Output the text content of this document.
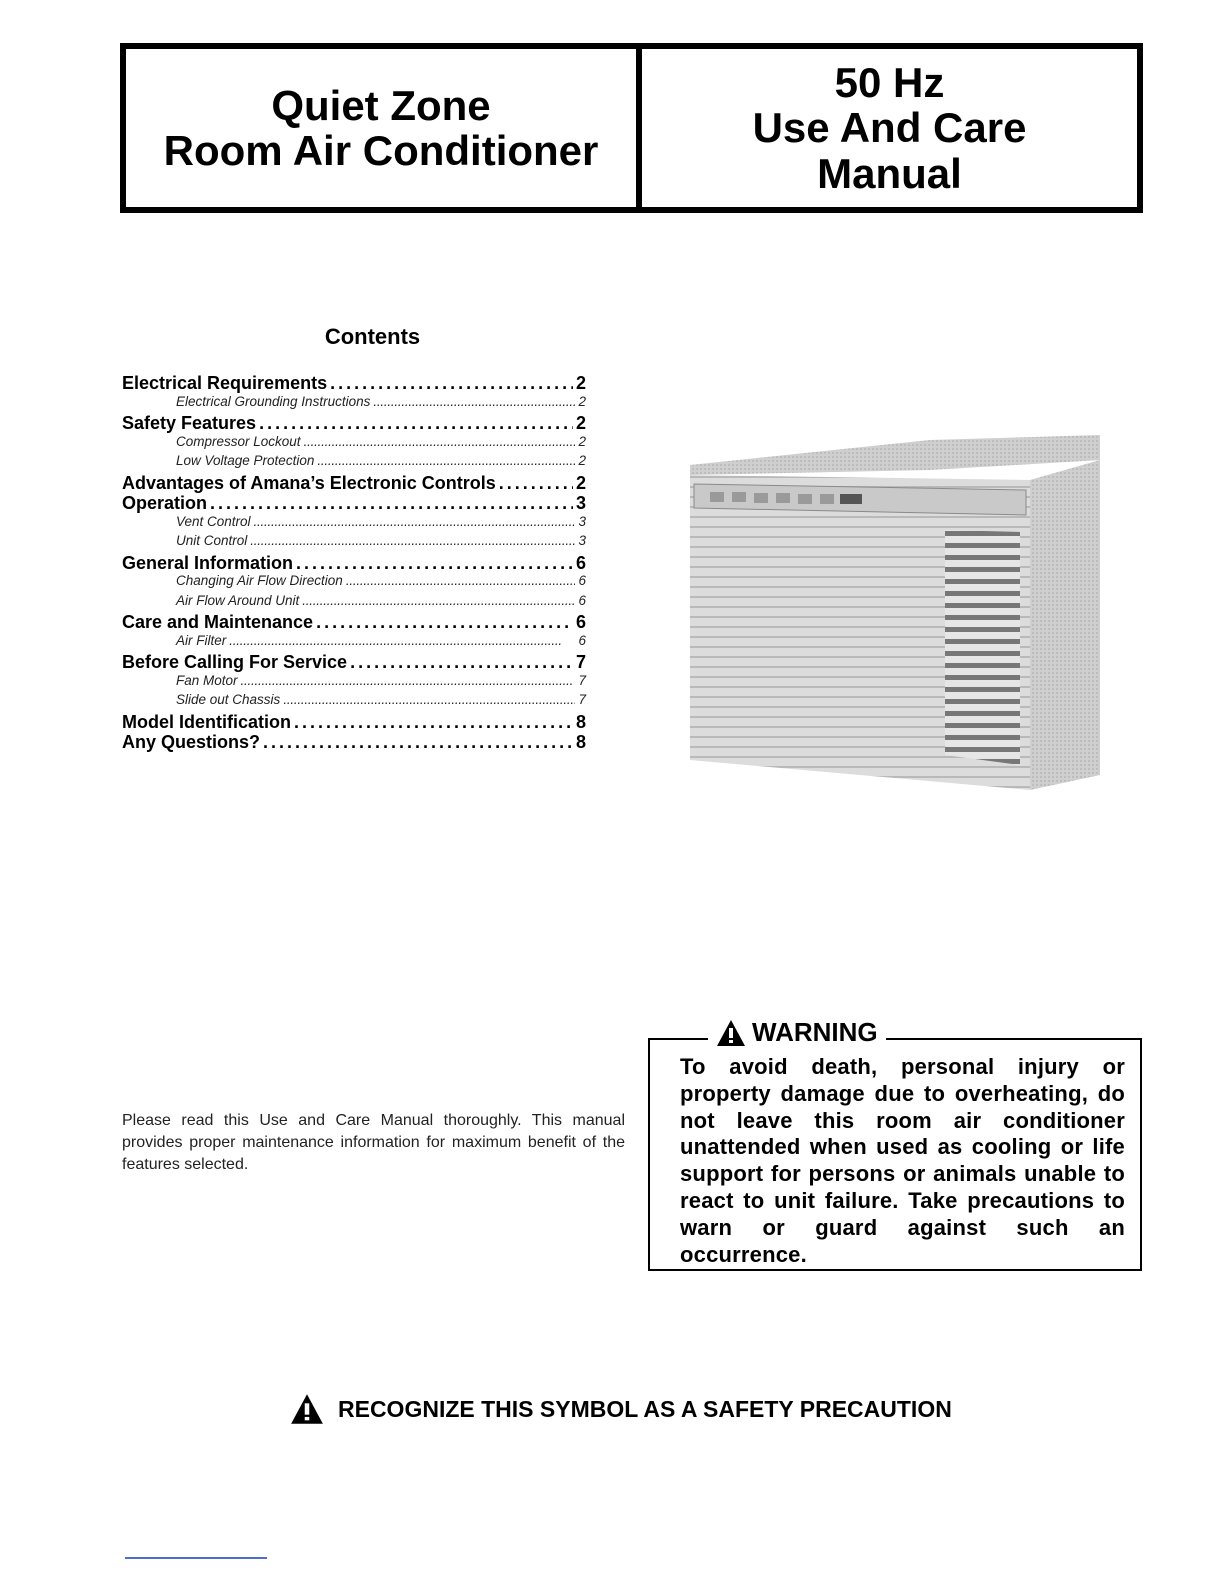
Quiet Zone
Room Air Conditioner
50 Hz
Use And Care
Manual
Contents
Electrical Requirements . . .	2
Electrical Grounding Instructions . . .	2
Safety Features . . .	2
Compressor Lockout . . .	2
Low Voltage Protection . . .	2
Advantages of Amana’s Electronic Controls . . .	2
Operation . . .	3
Vent Control . . .	3
Unit Control . . .	3
General Information . . .	6
Changing Air Flow Direction . . .	6
Air Flow Around Unit . . .	6
Care and Maintenance . . .	6
Air Filter . . .	6
Before Calling For Service . . .	7
Fan Motor . . .	7
Slide out Chassis . . .	7
Model Identification . . .	8
Any Questions? . . .	8
Please read this Use and Care Manual thoroughly. This manual provides proper maintenance information for maximum benefit of the features selected.
WARNING
To avoid death, personal injury or property damage due to overheating, do not leave this room air conditioner unattended when used as cooling or life support for persons or animals unable to react to unit failure. Take precautions to warn or guard against such an occurrence.
RECOGNIZE THIS SYMBOL AS A SAFETY PRECAUTION
